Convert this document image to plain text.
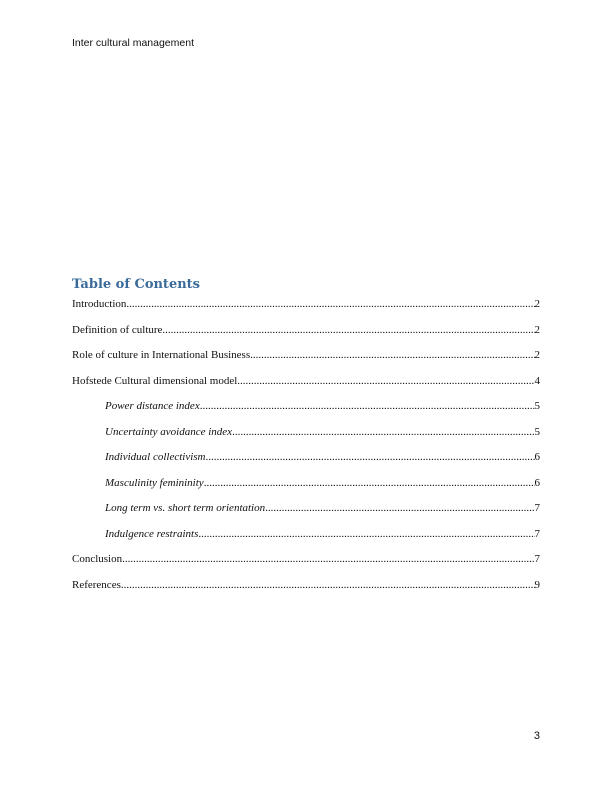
Inter cultural management
Table of Contents
Introduction .....	2
Definition of culture .....	2
Role of culture in International Business .....	2
Hofstede Cultural dimensional model .....	4
Power distance index .....	5
Uncertainty avoidance index .....	5
Individual collectivism .....	6
Masculinity femininity .....	6
Long term vs. short term orientation .....	7
Indulgence restraints .....	7
Conclusion .....	7
References .....	9
3
